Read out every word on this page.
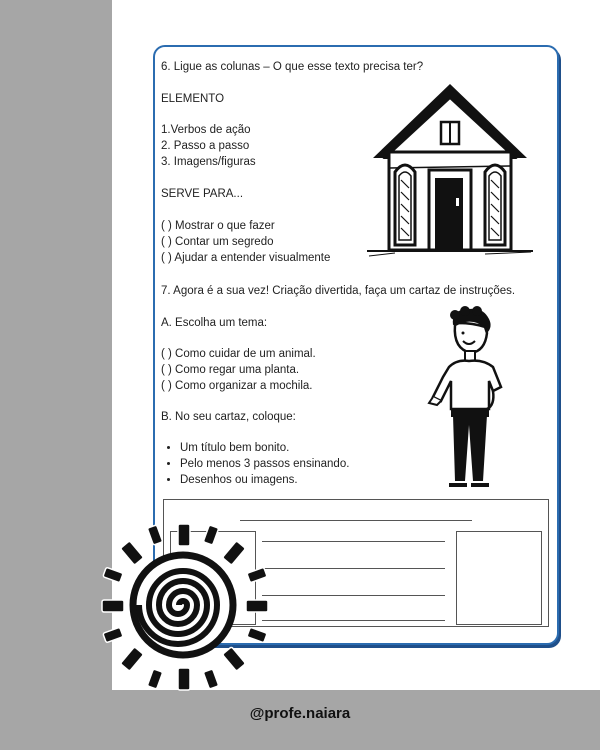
6. Ligue as colunas – O que esse texto precisa ter?
ELEMENTO
1.Verbos de ação
2. Passo a passo
3. Imagens/figuras
SERVE PARA...
( ) Mostrar o que fazer
( ) Contar um segredo
( ) Ajudar a entender visualmente
7. Agora é a sua vez! Criação divertida, faça um cartaz de instruções.
A. Escolha um tema:
( ) Como cuidar de um animal.
( ) Como regar uma planta.
( ) Como organizar a mochila.
B. No seu cartaz, coloque:
• Um título bem bonito.
• Pelo menos 3 passos ensinando.
• Desenhos ou imagens.
@profe.naiara
